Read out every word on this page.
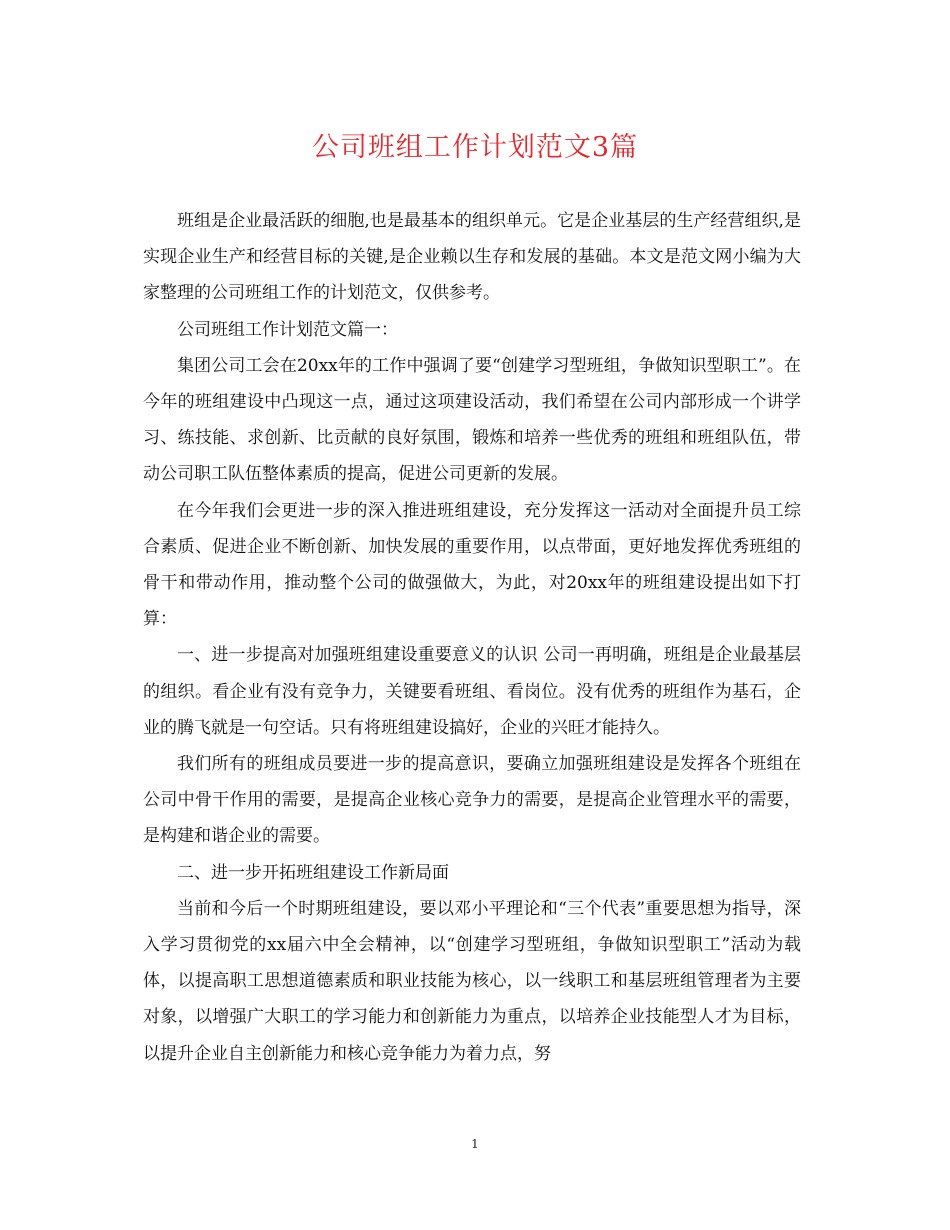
公司班组工作计划范文3篇

班组是企业最活跃的细胞,也是最基本的组织单元。它是企业基层的生产经营组织,是实现企业生产和经营目标的关键,是企业赖以生存和发展的基础。本文是范文网小编为大家整理的公司班组工作的计划范文，仅供参考。

公司班组工作计划范文篇一：

集团公司工会在20xx年的工作中强调了要“创建学习型班组，争做知识型职工”。在今年的班组建设中凸现这一点，通过这项建设活动，我们希望在公司内部形成一个讲学习、练技能、求创新、比贡献的良好氛围，锻炼和培养一些优秀的班组和班组队伍，带动公司职工队伍整体素质的提高，促进公司更新的发展。

在今年我们会更进一步的深入推进班组建设，充分发挥这一活动对全面提升员工综合素质、促进企业不断创新、加快发展的重要作用，以点带面，更好地发挥优秀班组的骨干和带动作用，推动整个公司的做强做大，为此，对20xx年的班组建设提出如下打算：

一、进一步提高对加强班组建设重要意义的认识 公司一再明确，班组是企业最基层的组织。看企业有没有竞争力，关键要看班组、看岗位。没有优秀的班组作为基石，企业的腾飞就是一句空话。只有将班组建设搞好，企业的兴旺才能持久。

我们所有的班组成员要进一步的提高意识，要确立加强班组建设是发挥各个班组在公司中骨干作用的需要，是提高企业核心竞争力的需要，是提高企业管理水平的需要，是构建和谐企业的需要。

二、进一步开拓班组建设工作新局面

当前和今后一个时期班组建设，要以邓小平理论和“三个代表”重要思想为指导，深入学习贯彻党的xx届六中全会精神，以“创建学习型班组，争做知识型职工”活动为载体，以提高职工思想道德素质和职业技能为核心，以一线职工和基层班组管理者为主要对象，以增强广大职工的学习能力和创新能力为重点，以培养企业技能型人才为目标，以提升企业自主创新能力和核心竞争能力为着力点，努

1
